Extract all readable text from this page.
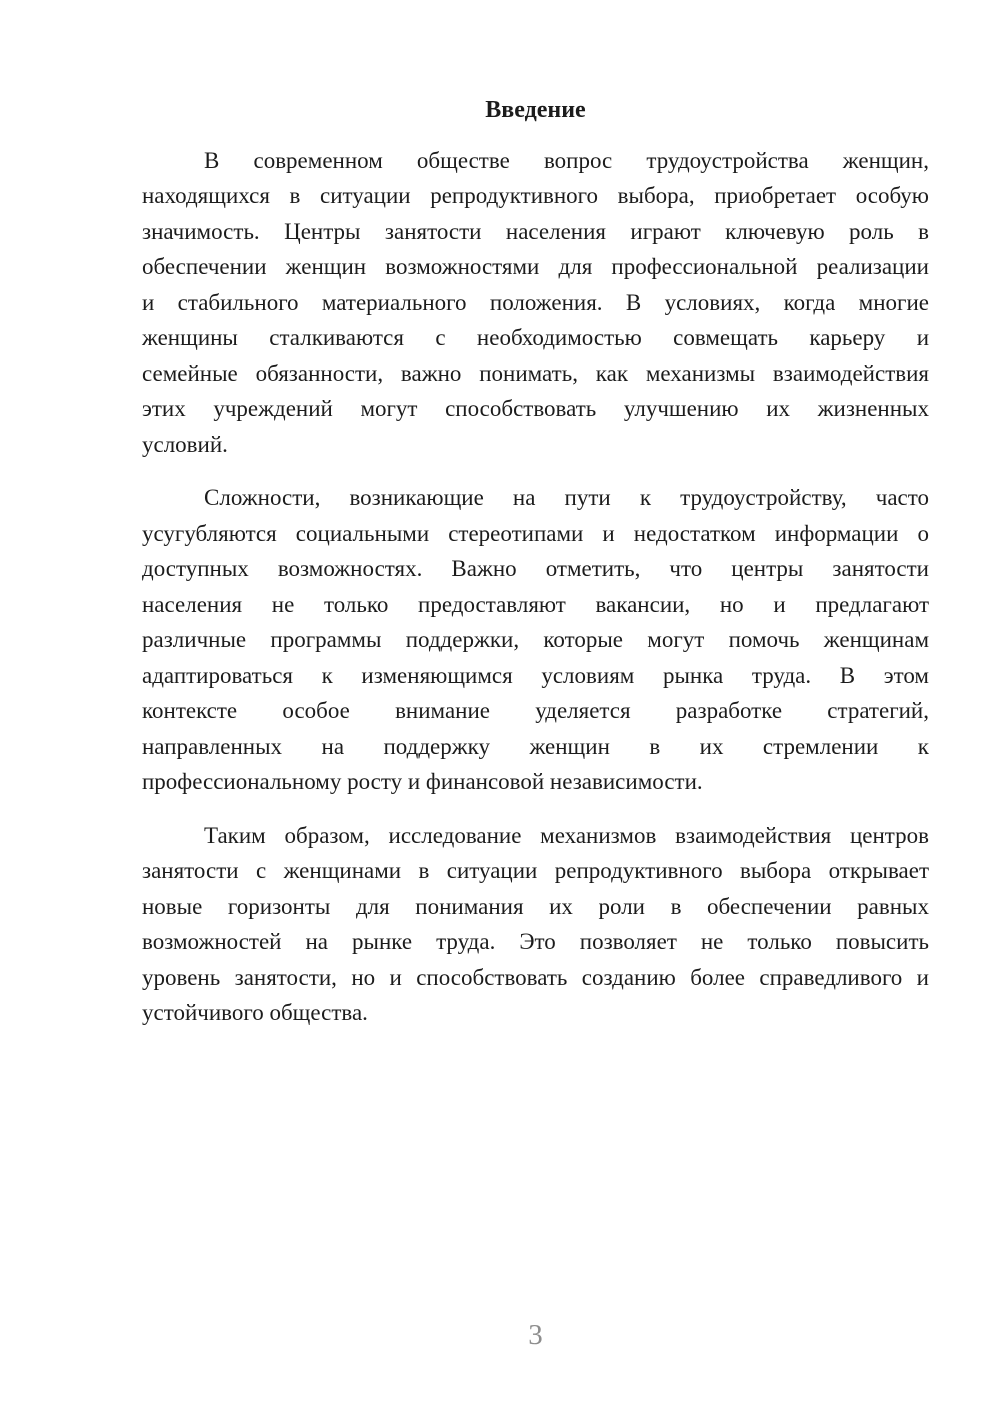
Введение
В современном обществе вопрос трудоустройства женщин,
находящихся в ситуации репродуктивного выбора, приобретает особую
значимость. Центры занятости населения играют ключевую роль в
обеспечении женщин возможностями для профессиональной реализации
и стабильного материального положения. В условиях, когда многие
женщины сталкиваются с необходимостью совмещать карьеру и
семейные обязанности, важно понимать, как механизмы взаимодействия
этих учреждений могут способствовать улучшению их жизненных
условий.
Сложности, возникающие на пути к трудоустройству, часто
усугубляются социальными стереотипами и недостатком информации о
доступных возможностях. Важно отметить, что центры занятости
населения не только предоставляют вакансии, но и предлагают
различные программы поддержки, которые могут помочь женщинам
адаптироваться к изменяющимся условиям рынка труда. В этом
контексте особое внимание уделяется разработке стратегий,
направленных на поддержку женщин в их стремлении к
профессиональному росту и финансовой независимости.
Таким образом, исследование механизмов взаимодействия центров
занятости с женщинами в ситуации репродуктивного выбора открывает
новые горизонты для понимания их роли в обеспечении равных
возможностей на рынке труда. Это позволяет не только повысить
уровень занятости, но и способствовать созданию более справедливого и
устойчивого общества.
3
